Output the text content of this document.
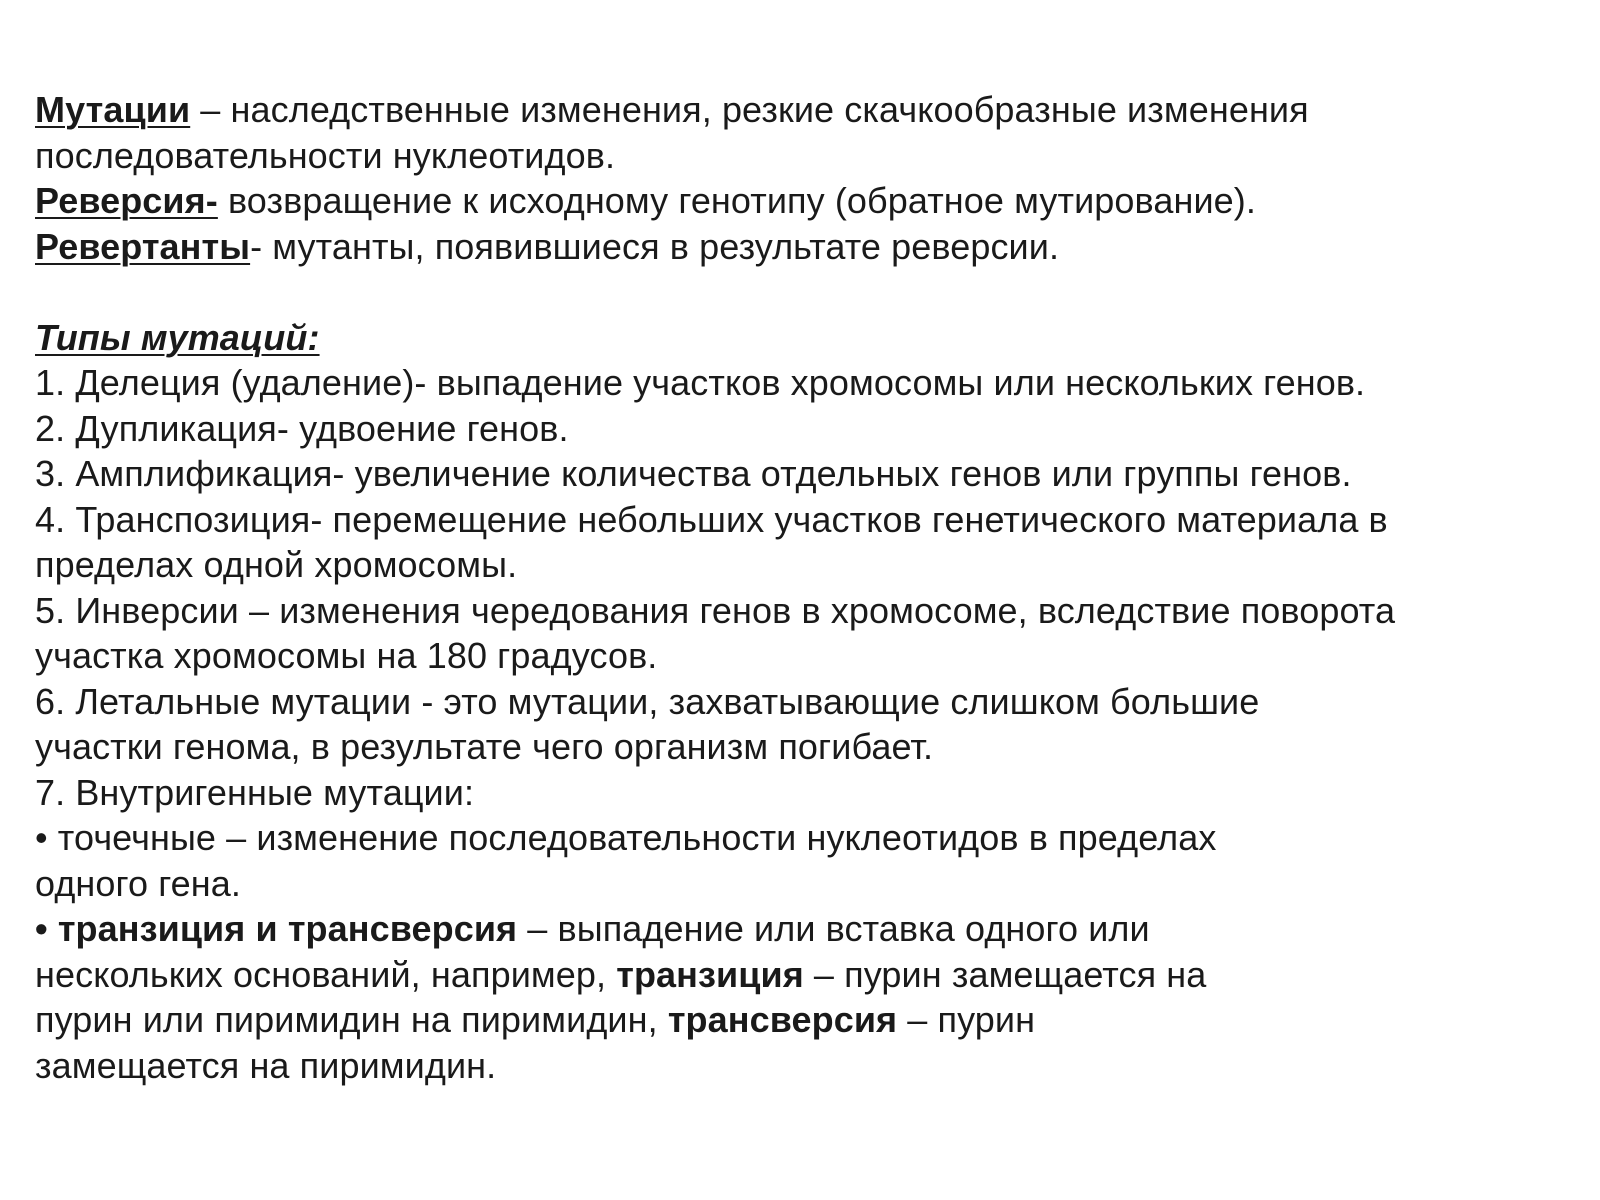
Мутации – наследственные изменения, резкие скачкообразные изменения

последовательности нуклеотидов.

Реверсия- возвращение к исходному генотипу (обратное мутирование).

Ревертанты- мутанты, появившиеся в результате реверсии.

Типы мутаций:

1. Делеция (удаление)- выпадение участков хромосомы или нескольких генов.

2. Дупликация- удвоение генов.

3. Амплификация- увеличение количества отдельных генов или группы генов.

4. Транспозиция- перемещение небольших участков генетического материала в

пределах одной хромосомы.

5. Инверсии – изменения чередования генов в хромосоме, вследствие поворота

участка хромосомы на 180 градусов.

6. Летальные мутации - это мутации, захватывающие слишком большие

участки генома, в результате чего организм погибает.

7. Внутригенные мутации:

• точечные – изменение последовательности нуклеотидов в пределах

одного гена.

• транзиция и трансверсия – выпадение или вставка одного или

нескольких оснований, например, транзиция – пурин замещается на

пурин или пиримидин на пиримидин, трансверсия – пурин

замещается на пиримидин.
